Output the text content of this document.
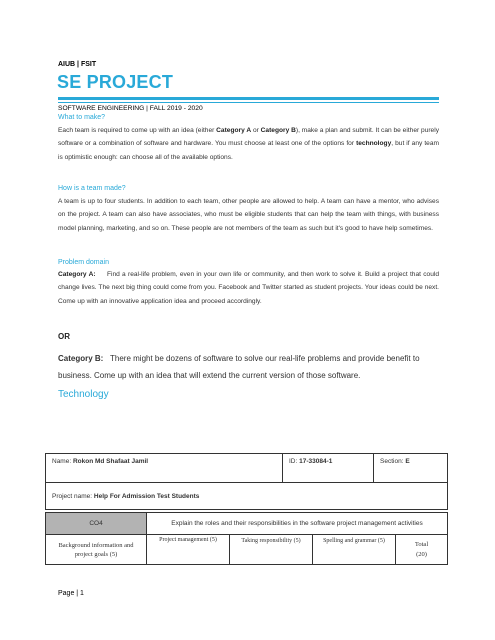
AIUB | FSIT
SE PROJECT
SOFTWARE ENGINEERING | FALL 2019 - 2020
What to make?
Each team is required to come up with an idea (either Category A or Category B), make a plan and submit. It can be either purely software or a combination of software and hardware. You must choose at least one of the options for technology, but if any team is optimistic enough: can choose all of the available options.
How is a team made?
A team is up to four students. In addition to each team, other people are allowed to help. A team can have a mentor, who advises on the project. A team can also have associates, who must be eligible students that can help the team with things, with business model planning, marketing, and so on. These people are not members of the team as such but it's good to have help sometimes.
Problem domain
Category A: Find a real-life problem, even in your own life or community, and then work to solve it. Build a project that could change lives. The next big thing could come from you. Facebook and Twitter started as student projects. Your ideas could be next. Come up with an innovative application idea and proceed accordingly.
OR
Category B: There might be dozens of software to solve our real-life problems and provide benefit to business. Come up with an idea that will extend the current version of those software.
Technology
Name: Rokon Md Shafaat Jamil	ID: 17-33084-1	Section: E
Project name: Help For Admission Test Students
CO4	Explain the roles and their responsibilities in the software project management activities			
Background information and project goals (5)	Project management (5)	Taking responsibility (5)	Spelling and grammar (5)	Total (20)
Page | 1
